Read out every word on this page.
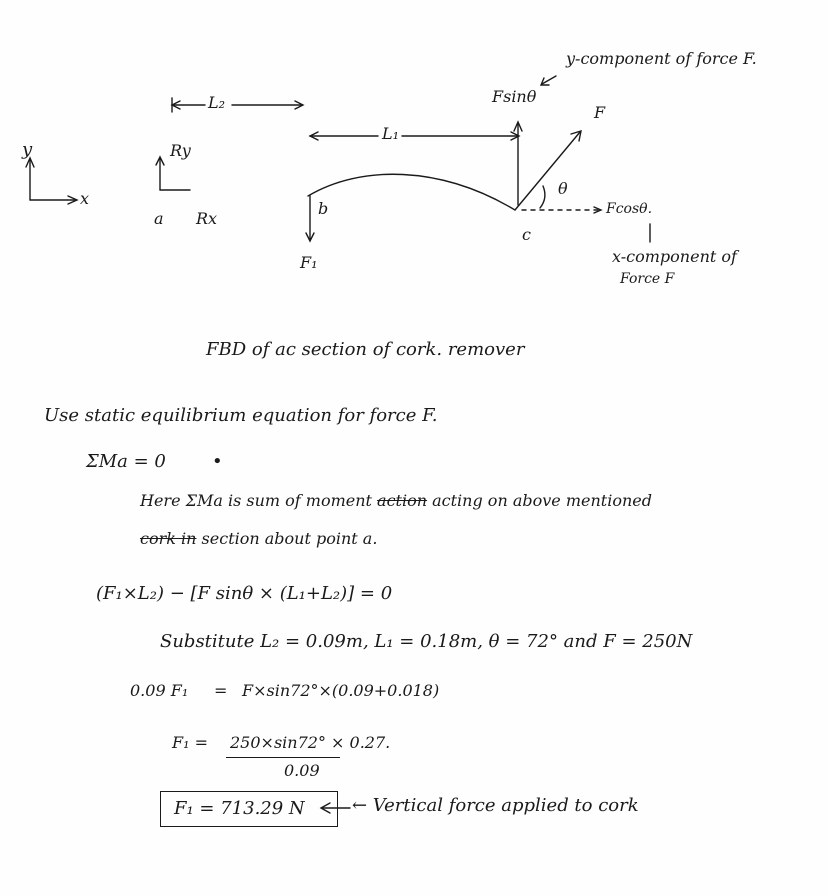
y-component of force F.
Fsinθ
F
L₂
L₁
y
x
Ry
Rx
a
b
c
θ
Fcosθ.
F₁	x-component of
Force F
FBD of ac section of cork. remover
Use static equilibrium equation for force F.
ΣMa = 0	•
Here ΣMa is sum of moment action acting on above mentioned
cork in section about point a.
(F₁×L₂) − [F sinθ × (L₁+L₂)] = 0
Substitute L₂ = 0.09m, L₁ = 0.18m, θ = 72° and F = 250N
0.09 F₁ = F×sin72°×(0.09+0.018)
F₁ = 250×sin72° × 0.27.
0.09
F₁ = 713.29 N	← Vertical force applied to cork
